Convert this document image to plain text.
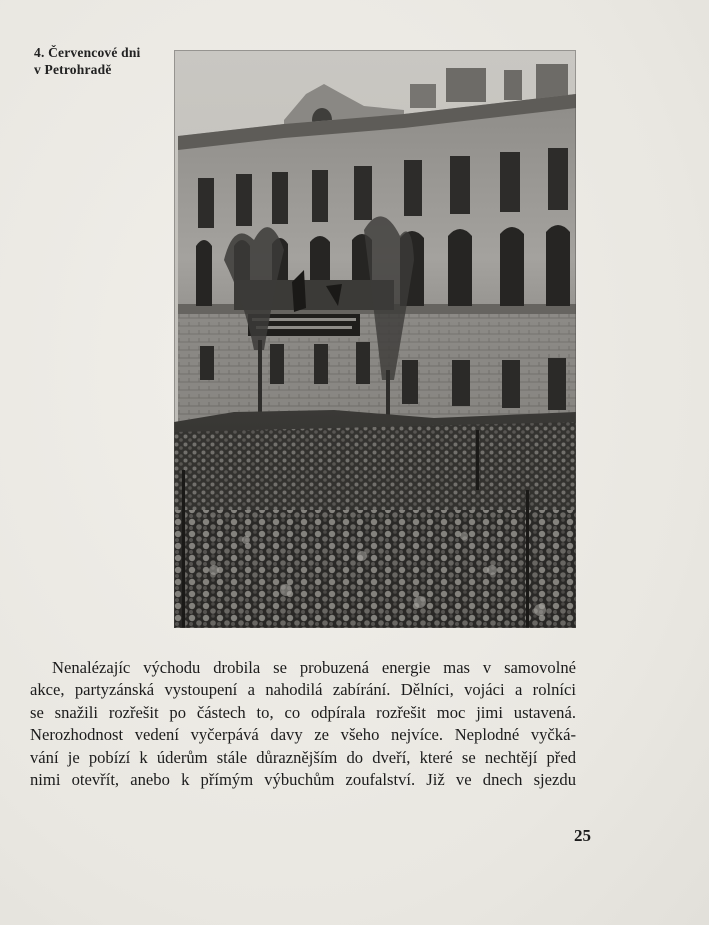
4. Červencové dni
v Petrohradě
Nenalézajíc východu drobila se probuzená energie mas v samovolné
akce, partyzánská vystoupení a nahodilá zabírání. Dělníci, vojáci a rolníci
se snažili rozřešit po částech to, co odpírala rozřešit moc jimi ustavená.
Nerozhodnost vedení vyčerpává davy ze všeho nejvíce. Neplodné vyčká-
vání je pobízí k úderům stále důraznějším do dveří, které se nechtějí před
nimi otevřít, anebo k přímým výbuchům zoufalství. Již ve dnech sjezdu
25
